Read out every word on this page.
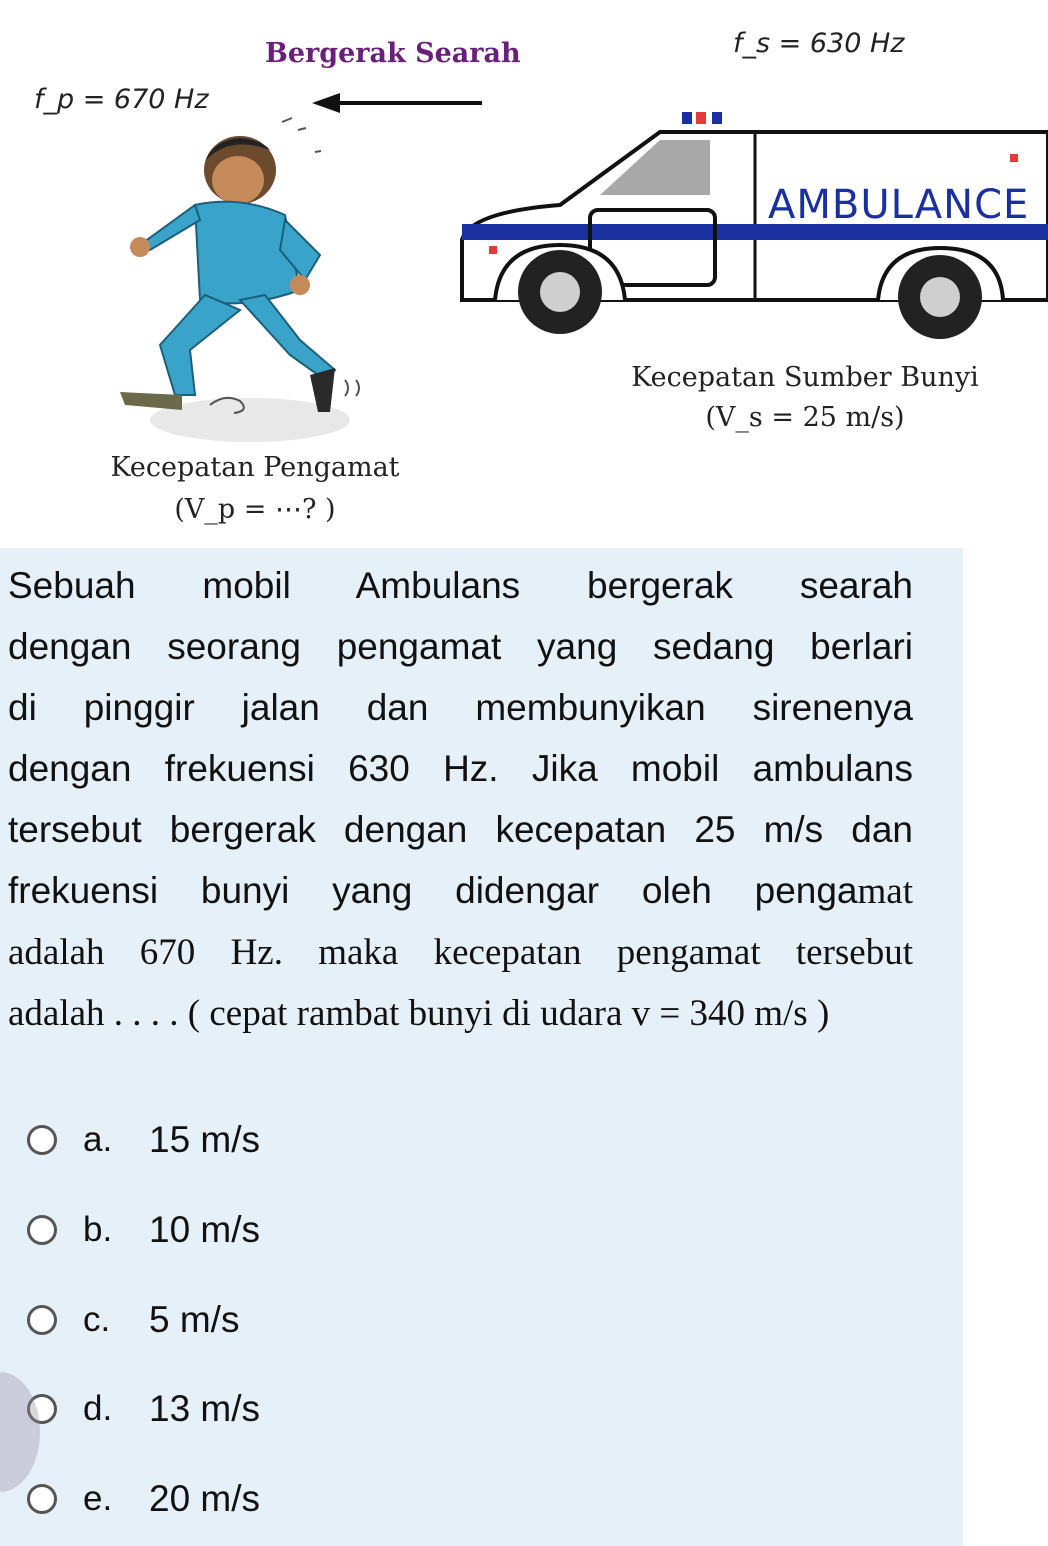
AMBULANCE
Bergerak Searah	f_s = 630 Hz
f_p = 670 Hz
Kecepatan Sumber Bunyi
(V_s = 25 m/s)
Kecepatan Pengamat
(V_p = ⋯? )
Sebuah mobil Ambulans bergerak searah
dengan seorang pengamat yang sedang berlari
di pinggir jalan dan membunyikan sirenenya
dengan frekuensi 630 Hz. Jika mobil ambulans
tersebut bergerak dengan kecepatan 25 m/s dan
frekuensi bunyi yang didengar oleh pengamat
adalah 670 Hz. maka kecepatan pengamat tersebut
adalah . . . . ( cepat rambat bunyi di udara v = 340 m/s )
a. 15 m/s
b. 10 m/s
c.	5 m/s
d. 13 m/s
e. 20 m/s
